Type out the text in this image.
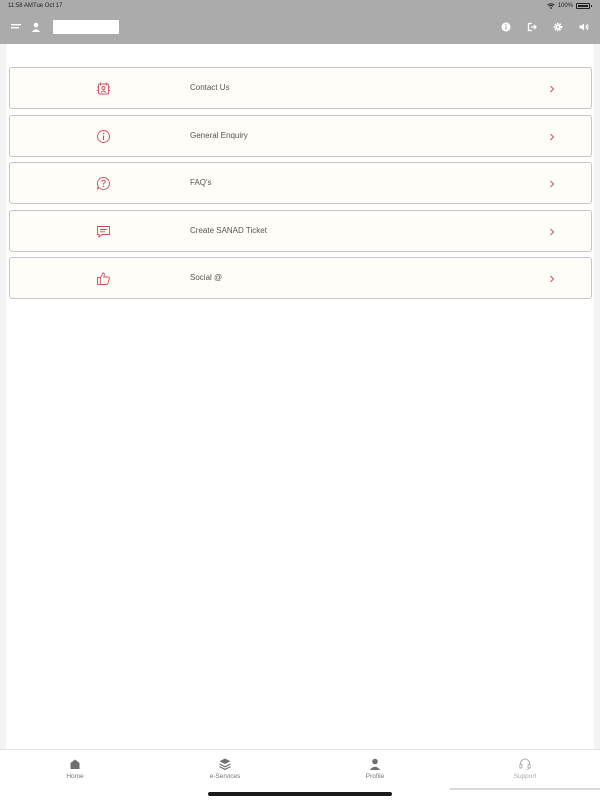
11:58 AM Tue Oct 17	100%
Contact Us
General Enquiry
FAQ's
Create SANAD Ticket
Social @
Home	e-Services	Profile	Support
